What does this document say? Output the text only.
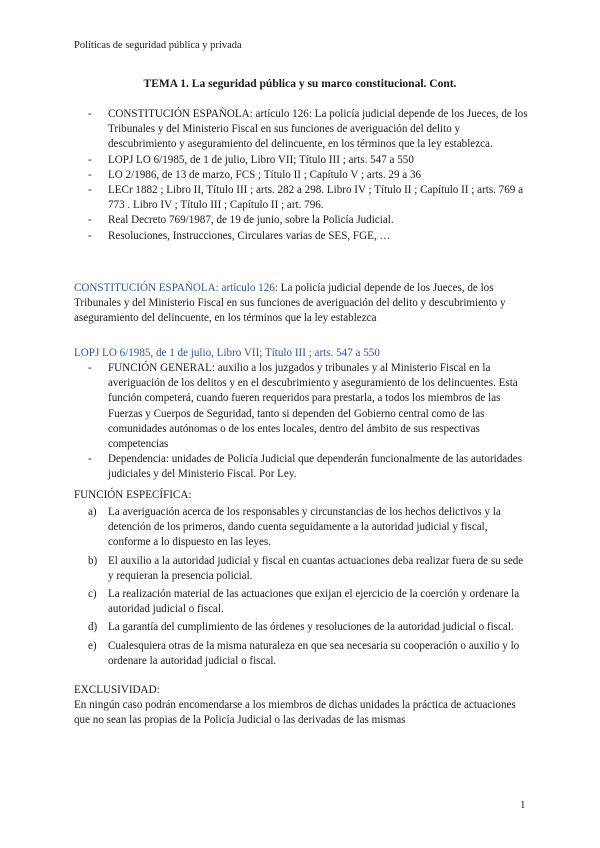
Políticas de seguridad pública y privada
TEMA 1. La seguridad pública y su marco constitucional. Cont.
- CONSTITUCIÓN ESPAÑOLA: artículo 126: La policía judicial depende de los Jueces, de los Tribunales y del Ministerio Fiscal en sus funciones de averiguación del delito y descubrimiento y aseguramiento del delincuente, en los términos que la ley establezca.
- LOPJ LO 6/1985, de 1 de julio, Libro VII; Título III ; arts. 547 a 550
- LO 2/1986, de 13 de marzo, FCS ; Título II ; Capítulo V ; arts. 29 a 36
- LECr 1882 ; Libro II, Título III ; arts. 282 a 298. Libro IV ; Título II ; Capítulo II ; arts. 769 a 773 . Libro IV ; Título III ; Capítulo II ; art. 796.
- Real Decreto 769/1987, de 19 de junio, sobre la Policía Judicial.
- Resoluciones, Instrucciones, Circulares varias de SES, FGE, …
CONSTITUCIÓN ESPAÑOLA: artículo 126: La policía judicial depende de los Jueces, de los Tribunales y del Ministerio Fiscal en sus funciones de averiguación del delito y descubrimiento y aseguramiento del delincuente, en los términos que la ley establezca
LOPJ LO 6/1985, de 1 de julio, Libro VII; Título III ; arts. 547 a 550
- FUNCIÓN GENERAL: auxilio a los juzgados y tribunales y al Ministerio Fiscal en la averiguación de los delitos y en el descubrimiento y aseguramiento de los delincuentes. Esta función competerá, cuando fueren requeridos para prestarla, a todos los miembros de las Fuerzas y Cuerpos de Seguridad, tanto si dependen del Gobierno central como de las comunidades autónomas o de los entes locales, dentro del ámbito de sus respectivas competencias
- Dependencia: unidades de Policía Judicial que dependerán funcionalmente de las autoridades judiciales y del Ministerio Fiscal. Por Ley.
FUNCIÓN ESPECÍFICA:
a) La averiguación acerca de los responsables y circunstancias de los hechos delictivos y la detención de los primeros, dando cuenta seguidamente a la autoridad judicial y fiscal, conforme a lo dispuesto en las leyes.
b) El auxilio a la autoridad judicial y fiscal en cuantas actuaciones deba realizar fuera de su sede y requieran la presencia policial.
c) La realización material de las actuaciones que exijan el ejercicio de la coerción y ordenare la autoridad judicial o fiscal.
d) La garantía del cumplimiento de las órdenes y resoluciones de la autoridad judicial o fiscal.
e) Cualesquiera otras de la misma naturaleza en que sea necesaria su cooperación o auxilio y lo ordenare la autoridad judicial o fiscal.
EXCLUSIVIDAD:
En ningún caso podrán encomendarse a los miembros de dichas unidades la práctica de actuaciones que no sean las propias de la Policía Judicial o las derivadas de las mismas
1
